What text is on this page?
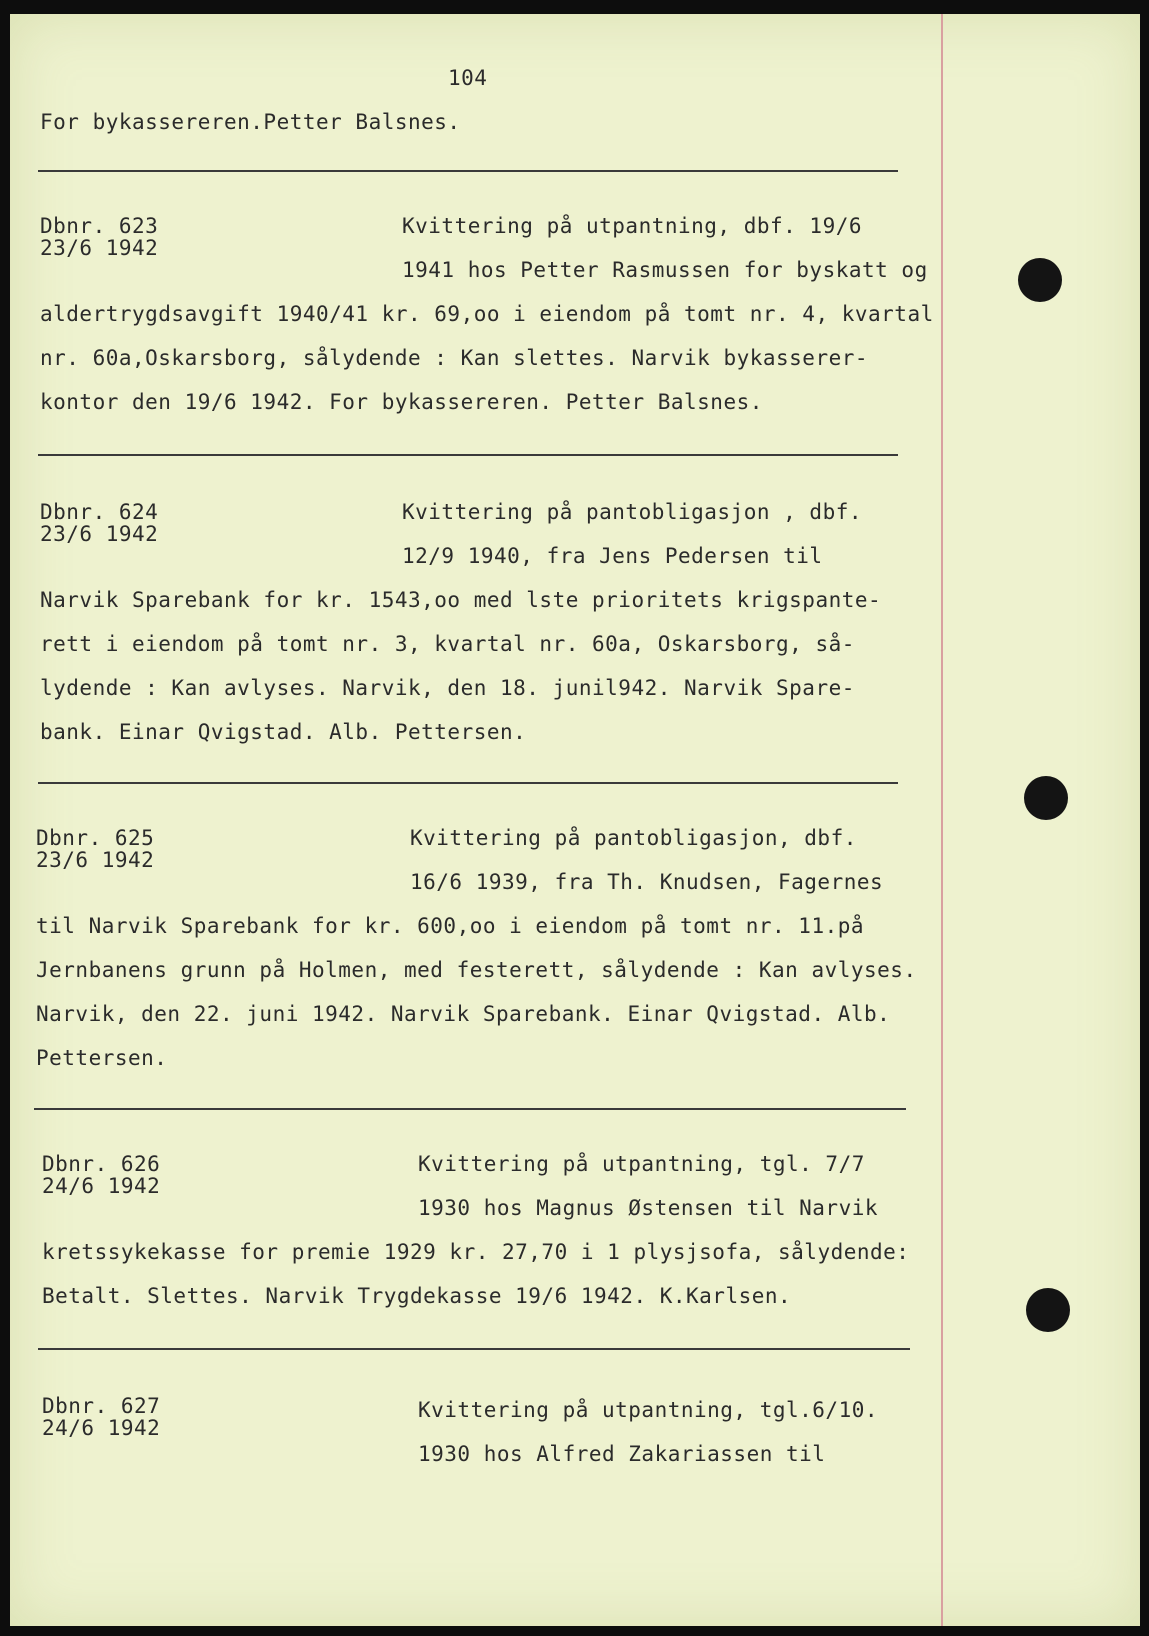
104
For bykassereren.Petter Balsnes.
Dbnr. 623
23/6 1942
Kvittering på utpantning, dbf. 19/6
1941 hos Petter Rasmussen for byskatt og
aldertrygdsavgift 1940/41 kr. 69,oo i eiendom på tomt nr. 4, kvartal
nr. 60a,Oskarsborg, sålydende : Kan slettes. Narvik bykasserer-
kontor den 19/6 1942. For bykassereren. Petter Balsnes.
Dbnr. 624
23/6 1942
Kvittering på pantobligasjon , dbf.
12/9 1940, fra Jens Pedersen til
Narvik Sparebank for kr. 1543,oo med lste prioritets krigspante-
rett i eiendom på tomt nr. 3, kvartal nr. 60a, Oskarsborg, så-
lydende : Kan avlyses. Narvik, den 18. junil942. Narvik Spare-
bank. Einar Qvigstad. Alb. Pettersen.
Dbnr. 625
23/6 1942
Kvittering på pantobligasjon, dbf.
16/6 1939, fra Th. Knudsen, Fagernes
til Narvik Sparebank for kr. 600,oo i eiendom på tomt nr. 11.på
Jernbanens grunn på Holmen, med festerett, sålydende : Kan avlyses.
Narvik, den 22. juni 1942. Narvik Sparebank. Einar Qvigstad. Alb.
Pettersen.
Dbnr. 626
24/6 1942
Kvittering på utpantning, tgl. 7/7
1930 hos Magnus Østensen til Narvik
kretssykekasse for premie 1929 kr. 27,70 i 1 plysjsofa, sålydende:
Betalt. Slettes. Narvik Trygdekasse 19/6 1942. K.Karlsen.
Dbnr. 627
24/6 1942
Kvittering på utpantning, tgl.6/10.
1930 hos Alfred Zakariassen til
